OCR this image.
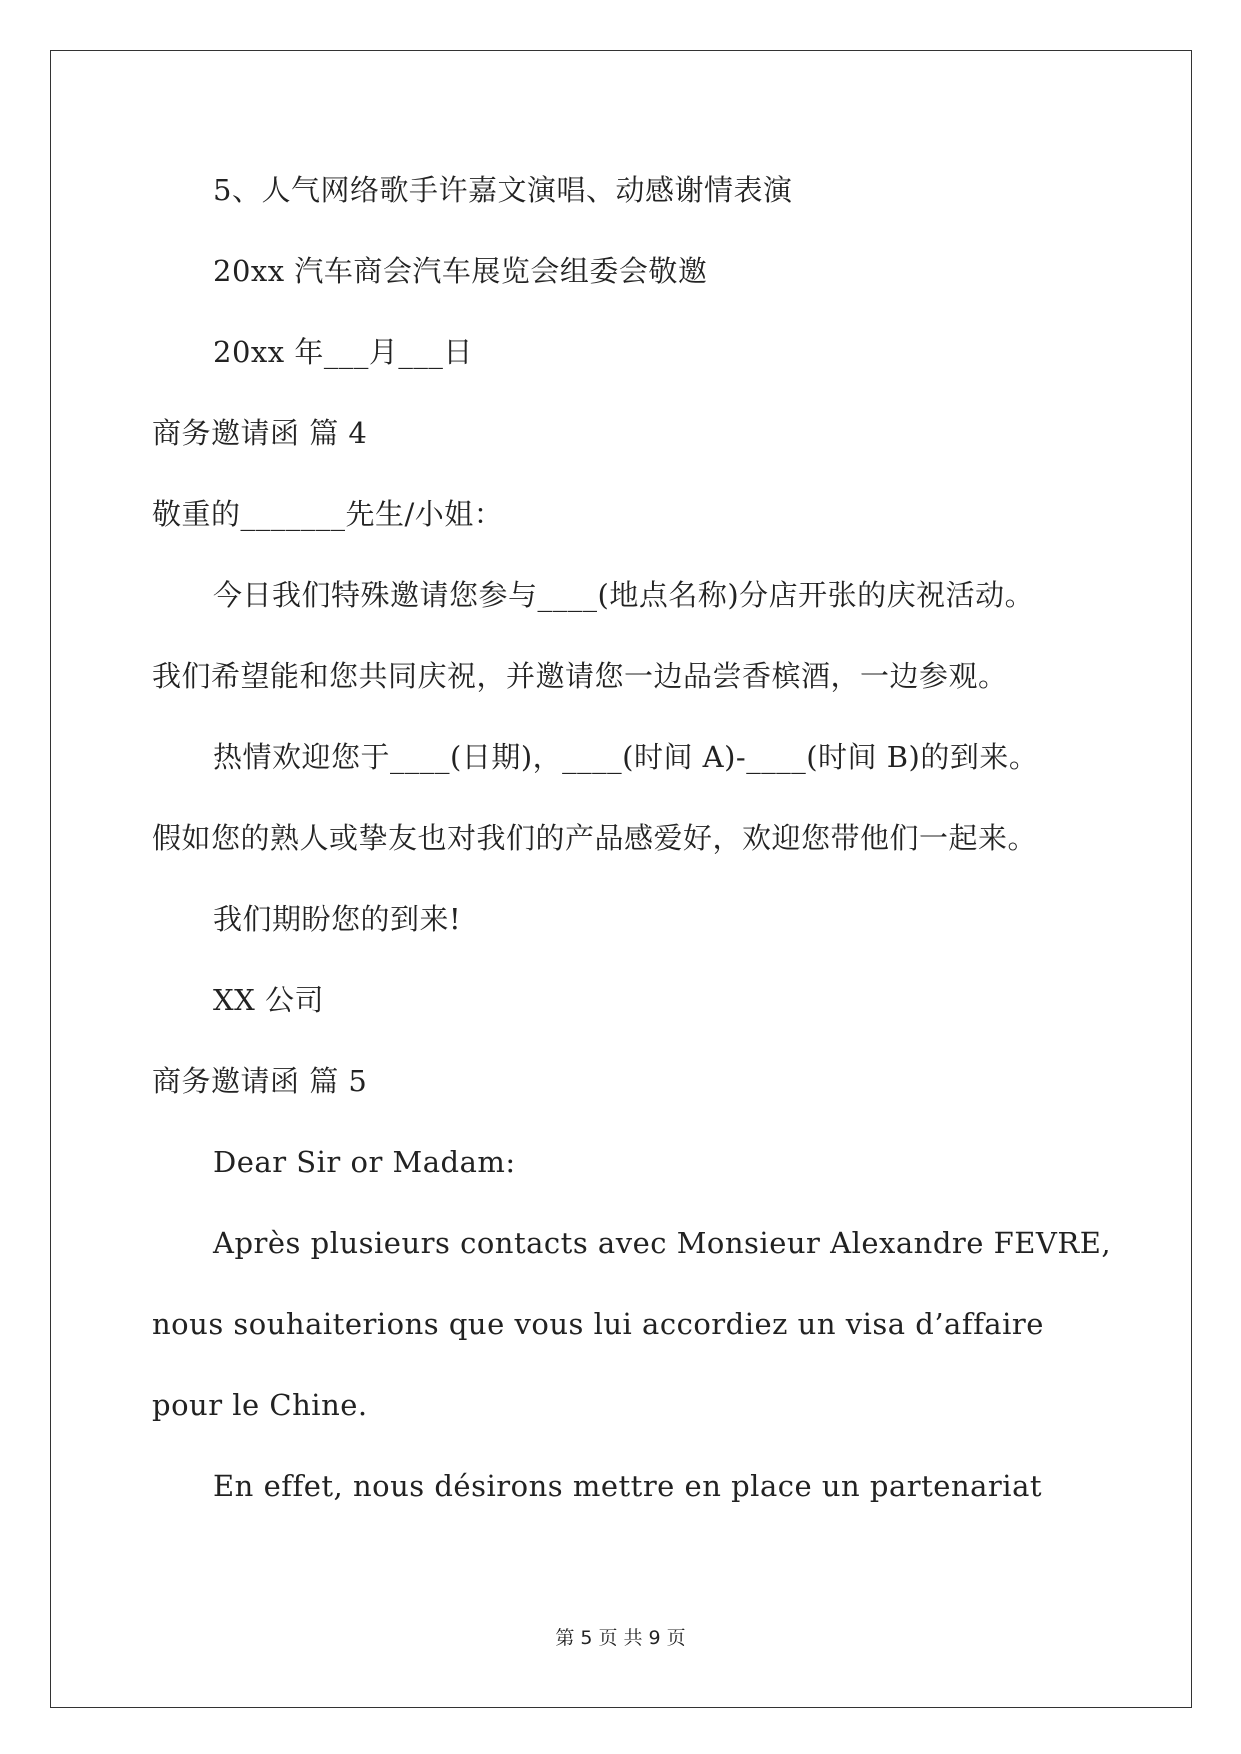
5、人气网络歌手许嘉文演唱、动感谢情表演
20xx 汽车商会汽车展览会组委会敬邀
20xx 年___月___日
商务邀请函 篇 4
敬重的_______先生/小姐：
今日我们特殊邀请您参与____(地点名称)分店开张的庆祝活动。
我们希望能和您共同庆祝，并邀请您一边品尝香槟酒，一边参观。
热情欢迎您于____(日期)，____(时间 A)-____(时间 B)的到来。
假如您的熟人或挚友也对我们的产品感爱好，欢迎您带他们一起来。
我们期盼您的到来!
XX 公司
商务邀请函 篇 5
Dear Sir or Madam:
Après plusieurs contacts avec Monsieur Alexandre FEVRE,
nous souhaiterions que vous lui accordiez un visa d’affaire
pour le Chine.
En effet, nous désirons mettre en place un partenariat
第 5 页 共 9 页
